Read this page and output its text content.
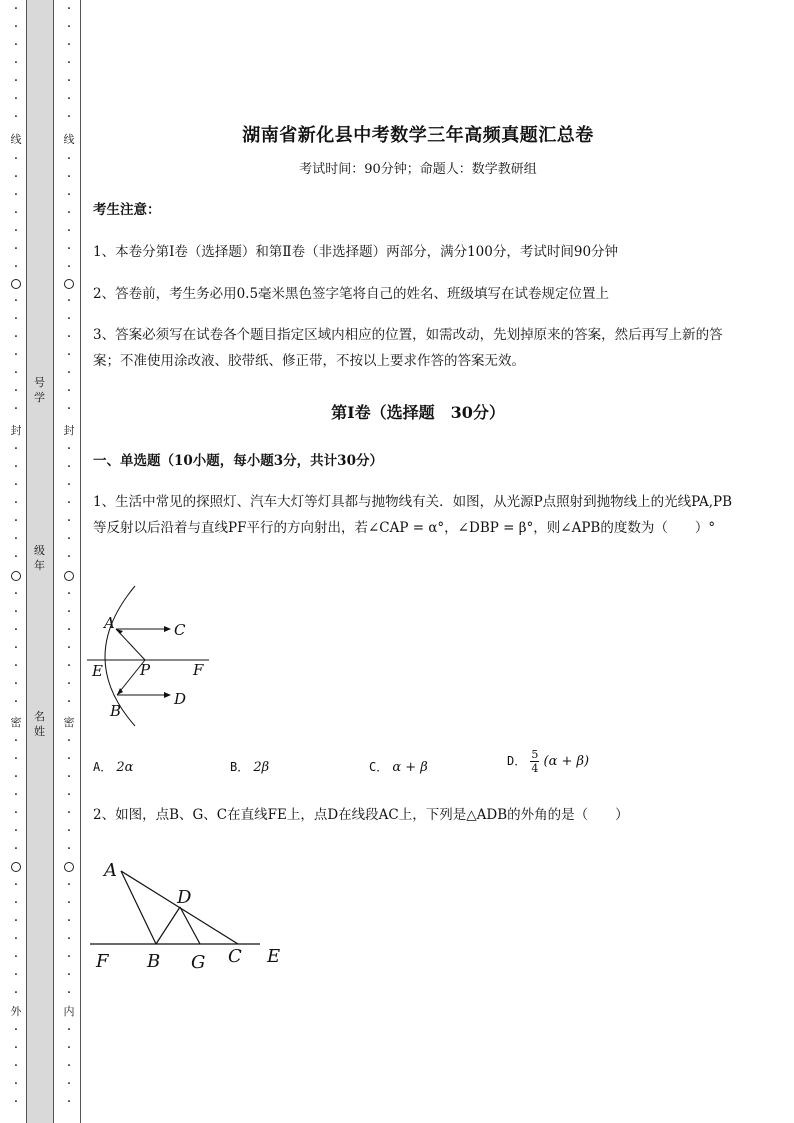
·
·
·
·
·
·
·
线
·
·
·
·
·
·
·
·
·
·
·
·
·
·
封
·
·
·
·
·
·
·
·
·
·
·
·
·
·
密
·
·
·
·
·
·
·
·
·
·
·
·
·
·
外
·
·
·
·
·
号
学
级
年
名
姓
·
·
·
·
·
·
·
线
·
·
·
·
·
·
·
·
·
·
·
·
·
·
封
·
·
·
·
·
·
·
·
·
·
·
·
·
·
密
·
·
·
·
·
·
·
·
·
·
·
·
·
·
内
·
·
·
·
·
湖南省新化县中考数学三年高频真题汇总卷
考试时间：90分钟；命题人：数学教研组
考生注意：
1、本卷分第I卷（选择题）和第Ⅱ卷（非选择题）两部分，满分100分，考试时间90分钟
2、答卷前，考生务必用0.5毫米黑色签字笔将自己的姓名、班级填写在试卷规定位置上
3、答案必须写在试卷各个题目指定区域内相应的位置，如需改动，先划掉原来的答案，然后再写上新的答案；不准使用涂改液、胶带纸、修正带，不按以上要求作答的答案无效。
第I卷（选择题　30分）
一、单选题（10小题，每小题3分，共计30分）
1、生活中常见的探照灯、汽车大灯等灯具都与抛物线有关．如图，从光源P点照射到抛物线上的光线PA,PB等反射以后沿着与直线PF平行的方向射出，若∠CAP = α°，∠DBP = β°，则∠APB的度数为（　　）°
A	C
E P	F
B
D
A． 2α	B． 2β	C． α + β	D． $\frac{5}{4} (\alpha + \beta)$
2、如图，点B、G、C在直线FE上，点D在线段AC上，下列是△ADB的外角的是（　　）
A
D
F B G C E
